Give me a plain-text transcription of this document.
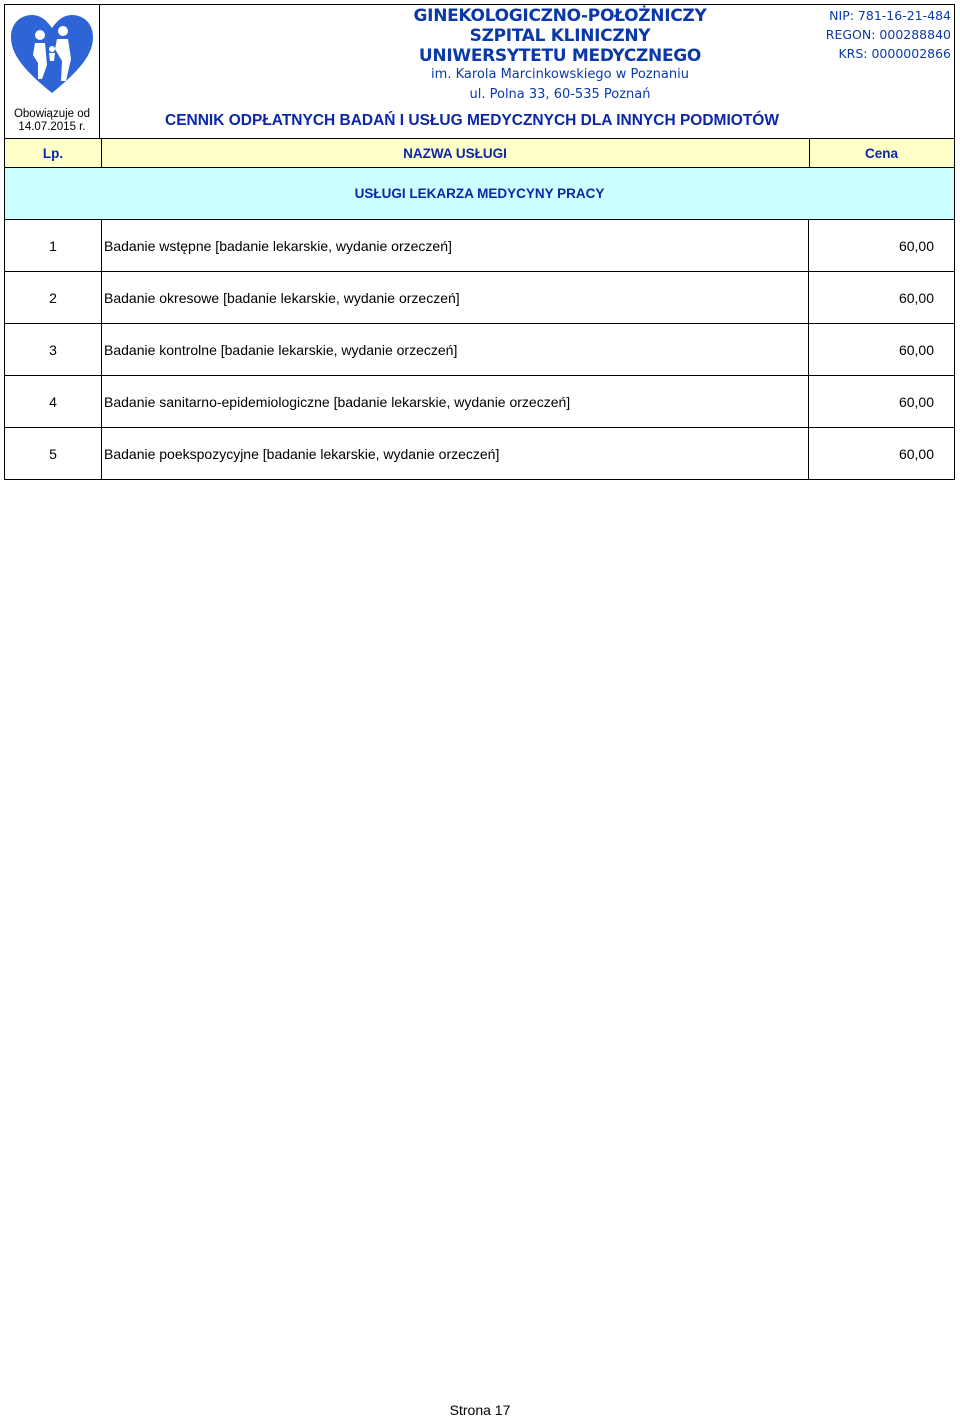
Obowiązuje od
14.07.2015 r.
GINEKOLOGICZNO-POŁOŻNICZY
SZPITAL KLINICZNY
UNIWERSYTETU MEDYCZNEGO
im. Karola Marcinkowskiego w Poznaniu
ul. Polna 33, 60-535 Poznań
NIP: 781-16-21-484
REGON: 000288840
KRS: 0000002866
CENNIK ODPŁATNYCH BADAŃ I USŁUG MEDYCZNYCH DLA INNYCH PODMIOTÓW
Lp.	NAZWA USŁUGI	Cena
USŁUGI LEKARZA MEDYCYNY PRACY
1	Badanie wstępne [badanie lekarskie, wydanie orzeczeń]	60,00
2	Badanie okresowe [badanie lekarskie, wydanie orzeczeń]	60,00
3	Badanie kontrolne [badanie lekarskie, wydanie orzeczeń]	60,00
4	Badanie sanitarno-epidemiologiczne [badanie lekarskie, wydanie orzeczeń]	60,00
5	Badanie poekspozycyjne [badanie lekarskie, wydanie orzeczeń]	60,00
Strona 17
